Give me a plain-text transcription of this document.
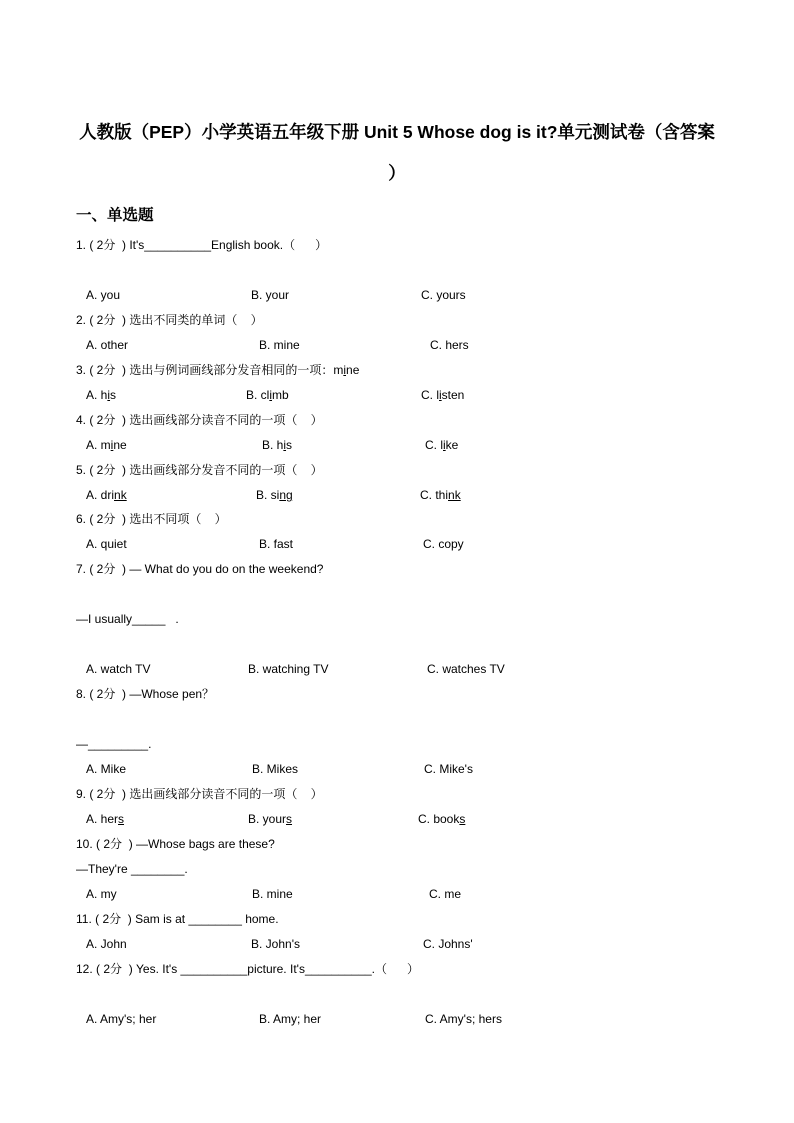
人教版（PEP）小学英语五年级下册 Unit 5 Whose dog is it?单元测试卷（含答案
）
一、单选题
1. ( 2分  ) It's__________English book.（      ）
A. you	B. your	C. yours
2. ( 2分  ) 选出不同类的单词（    ）
A. other	B. mine	C. hers
3. ( 2分  ) 选出与例词画线部分发音相同的一项：mine
A. his	B. climb	C. listen
4. ( 2分  ) 选出画线部分读音不同的一项（    ）
A. mine	B. his	C. like
5. ( 2分  ) 选出画线部分发音不同的一项（    ）
A. drink	B. sing	C. think
6. ( 2分  ) 选出不同项（    ）
A. quiet	B. fast	C. copy
7. ( 2分  ) — What do you do on the weekend?
—I usually_____   .
A. watch TV	B. watching TV	C. watches TV
8. ( 2分  ) —Whose pen？
—_________.
A. Mike	B. Mikes	C. Mike's
9. ( 2分  ) 选出画线部分读音不同的一项（    ）
A. hers	B. yours	C. books
10. ( 2分  ) —Whose bags are these?
—They're ________.
A. my	B. mine	C. me
11. ( 2分  ) Sam is at ________ home.
A. John	B. John's	C. Johns'
12. ( 2分  ) Yes. It's __________picture. It's__________.（      ）
A. Amy's; her	B. Amy; her	C. Amy's; hers
